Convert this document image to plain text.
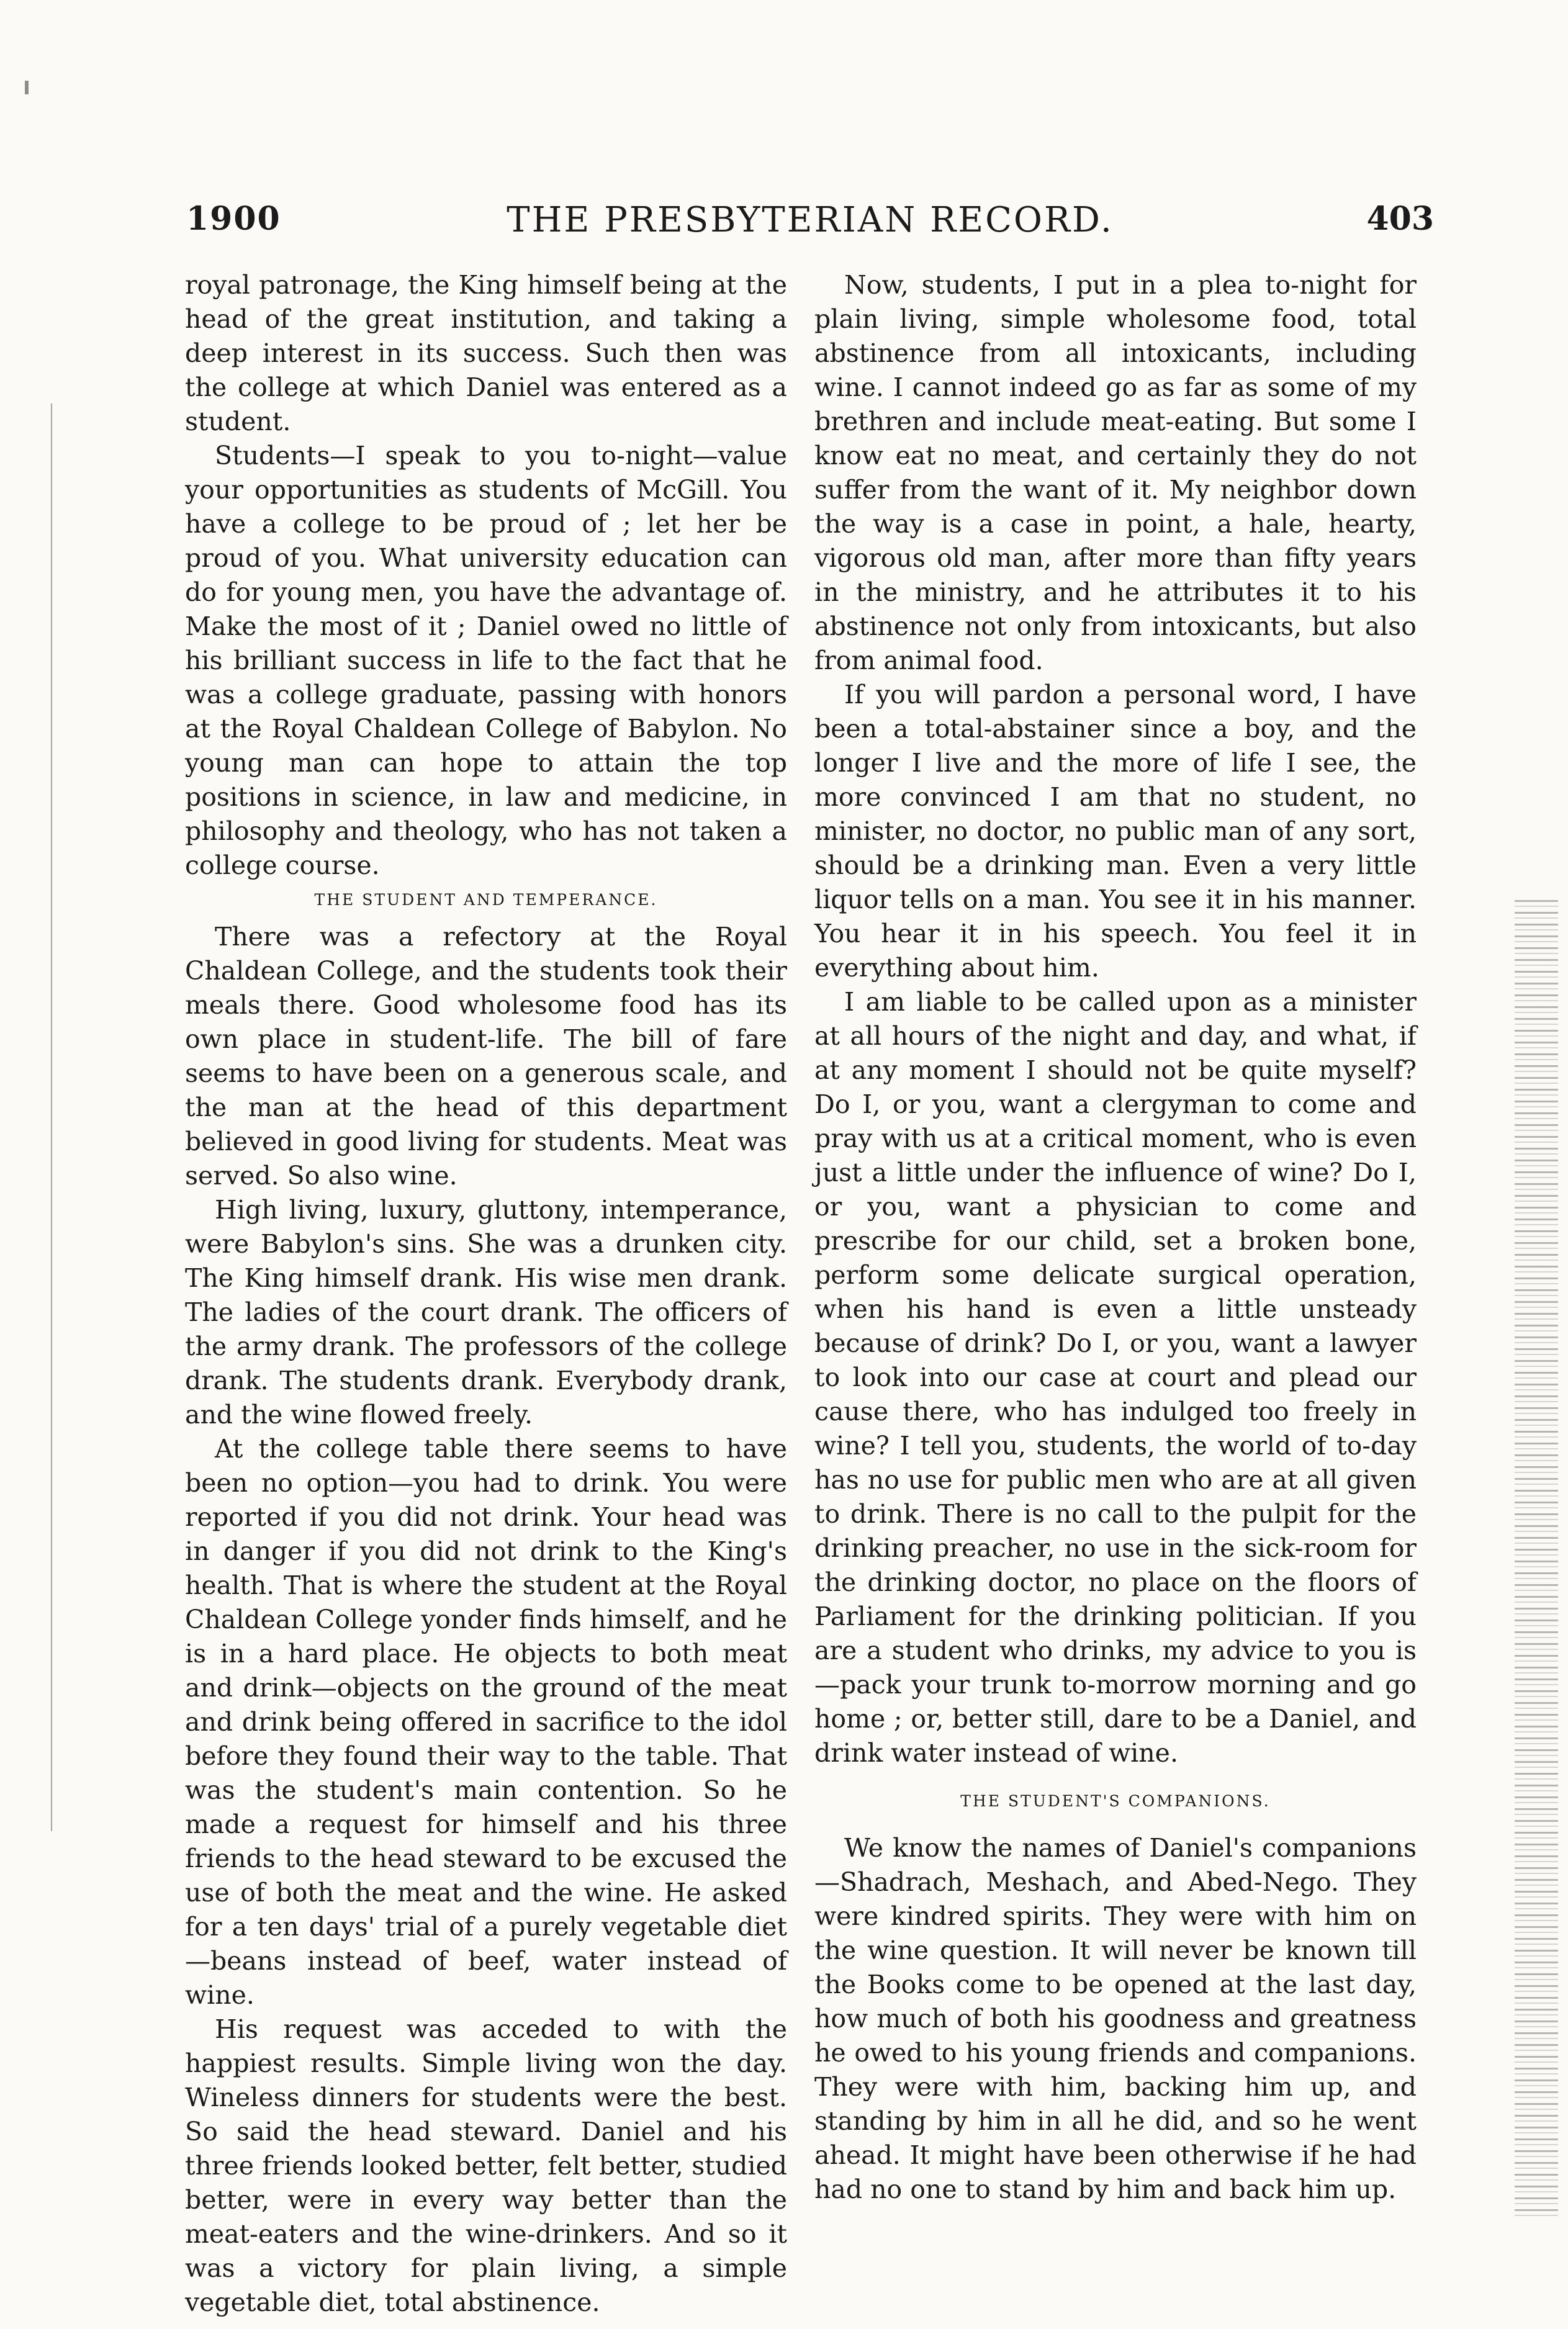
1900	THE PRESBYTERIAN RECORD.	403

royal patronage, the King himself being at the head of the great institution, and taking a deep interest in its success. Such then was the college at which Daniel was entered as a student.

Students—I speak to you to-night—value your opportunities as students of McGill. You have a college to be proud of ; let her be proud of you. What university education can do for young men, you have the advantage of. Make the most of it ; Daniel owed no little of his brilliant success in life to the fact that he was a college graduate, passing with honors at the Royal Chaldean College of Babylon. No young man can hope to attain the top positions in science, in law and medicine, in philosophy and theology, who has not taken a college course.

THE STUDENT AND TEMPERANCE.

There was a refectory at the Royal Chaldean College, and the students took their meals there. Good wholesome food has its own place in student-life. The bill of fare seems to have been on a generous scale, and the man at the head of this department believed in good living for students. Meat was served. So also wine.

High living, luxury, gluttony, intemperance, were Babylon's sins. She was a drunken city. The King himself drank. His wise men drank. The ladies of the court drank. The officers of the army drank. The professors of the college drank. The students drank. Everybody drank, and the wine flowed freely.

At the college table there seems to have been no option—you had to drink. You were reported if you did not drink. Your head was in danger if you did not drink to the King's health. That is where the student at the Royal Chaldean College yonder finds himself, and he is in a hard place. He objects to both meat and drink—objects on the ground of the meat and drink being offered in sacrifice to the idol before they found their way to the table. That was the student's main contention. So he made a request for himself and his three friends to the head steward to be excused the use of both the meat and the wine. He asked for a ten days' trial of a purely vegetable diet—beans instead of beef, water instead of wine.

His request was acceded to with the happiest results. Simple living won the day. Wineless dinners for students were the best. So said the head steward. Daniel and his three friends looked better, felt better, studied better, were in every way better than the meat-eaters and the wine-drinkers. And so it was a victory for plain living, a simple vegetable diet, total abstinence.

Now, students, I put in a plea to-night for plain living, simple wholesome food, total abstinence from all intoxicants, including wine. I cannot indeed go as far as some of my brethren and include meat-eating. But some I know eat no meat, and certainly they do not suffer from the want of it. My neighbor down the way is a case in point, a hale, hearty, vigorous old man, after more than fifty years in the ministry, and he attributes it to his abstinence not only from intoxicants, but also from animal food.

If you will pardon a personal word, I have been a total-abstainer since a boy, and the longer I live and the more of life I see, the more convinced I am that no student, no minister, no doctor, no public man of any sort, should be a drinking man. Even a very little liquor tells on a man. You see it in his manner. You hear it in his speech. You feel it in everything about him.

I am liable to be called upon as a minister at all hours of the night and day, and what, if at any moment I should not be quite myself? Do I, or you, want a clergyman to come and pray with us at a critical moment, who is even just a little under the influence of wine? Do I, or you, want a physician to come and prescribe for our child, set a broken bone, perform some delicate surgical operation, when his hand is even a little unsteady because of drink? Do I, or you, want a lawyer to look into our case at court and plead our cause there, who has indulged too freely in wine? I tell you, students, the world of to-day has no use for public men who are at all given to drink. There is no call to the pulpit for the drinking preacher, no use in the sick-room for the drinking doctor, no place on the floors of Parliament for the drinking politician. If you are a student who drinks, my advice to you is—pack your trunk to-morrow morning and go home ; or, better still, dare to be a Daniel, and drink water instead of wine.

THE STUDENT'S COMPANIONS.

We know the names of Daniel's companions —Shadrach, Meshach, and Abed-Nego. They were kindred spirits. They were with him on the wine question. It will never be known till the Books come to be opened at the last day, how much of both his goodness and greatness he owed to his young friends and companions. They were with him, backing him up, and standing by him in all he did, and so he went ahead. It might have been otherwise if he had had no one to stand by him and back him up.
